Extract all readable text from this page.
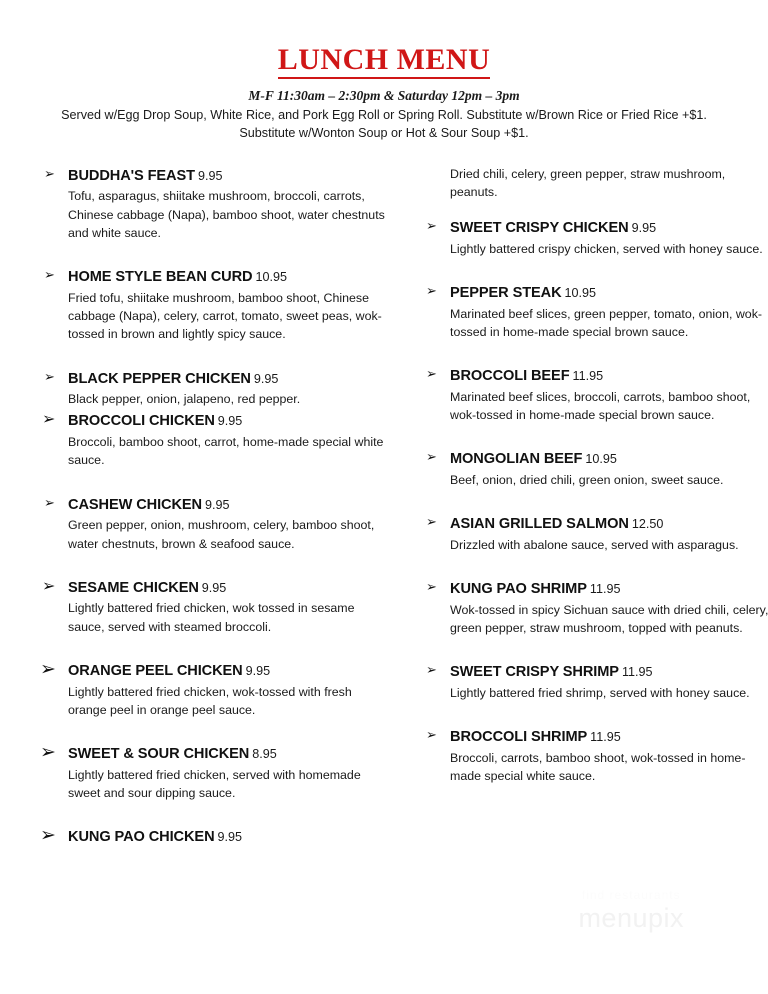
LUNCH MENU

M-F 11:30am – 2:30pm & Saturday 12pm – 3pm

Served w/Egg Drop Soup, White Rice, and Pork Egg Roll or Spring Roll. Substitute w/Brown Rice or Fried Rice +$1.

Substitute w/Wonton Soup or Hot & Sour Soup +$1.

➢ BUDDHA'S FEAST 9.95

Tofu, asparagus, shiitake mushroom, broccoli, carrots, Chinese cabbage (Napa), bamboo shoot, water chestnuts and white sauce.

➢ HOME STYLE BEAN CURD 10.95

Fried tofu, shiitake mushroom, bamboo shoot, Chinese cabbage (Napa), celery, carrot, tomato, sweet peas, wok-tossed in brown and lightly spicy sauce.

➢ BLACK PEPPER CHICKEN 9.95

Black pepper, onion, jalapeno, red pepper.

➢ BROCCOLI CHICKEN 9.95

Broccoli, bamboo shoot, carrot, home-made special white sauce.

➢ CASHEW CHICKEN 9.95

Green pepper, onion, mushroom, celery, bamboo shoot, water chestnuts, brown & seafood sauce.

➢ SESAME CHICKEN 9.95

Lightly battered fried chicken, wok tossed in sesame sauce, served with steamed broccoli.

➢ ORANGE PEEL CHICKEN 9.95

Lightly battered fried chicken, wok-tossed with fresh orange peel in orange peel sauce.

➢ SWEET & SOUR CHICKEN 8.95

Lightly battered fried chicken, served with homemade sweet and sour dipping sauce.

➢ KUNG PAO CHICKEN 9.95

Dried chili, celery, green pepper, straw mushroom, peanuts.

➢ SWEET CRISPY CHICKEN 9.95

Lightly battered crispy chicken, served with honey sauce.

➢ PEPPER STEAK 10.95

Marinated beef slices, green pepper, tomato, onion, wok-tossed in home-made special brown sauce.

➢ BROCCOLI BEEF 11.95

Marinated beef slices, broccoli, carrots, bamboo shoot, wok-tossed in home-made special brown sauce.

➢ MONGOLIAN BEEF 10.95

Beef, onion, dried chili, green onion, sweet sauce.

➢ ASIAN GRILLED SALMON 12.50

Drizzled with abalone sauce, served with asparagus.

➢ KUNG PAO SHRIMP 11.95

Wok-tossed in spicy Sichuan sauce with dried chili, celery, green pepper, straw mushroom, topped with peanuts.

➢ SWEET CRISPY SHRIMP 11.95

Lightly battered fried shrimp, served with honey sauce.

➢ BROCCOLI SHRIMP 11.95

Broccoli, carrots, bamboo shoot, wok-tossed in home-made special white sauce.

find restaurants
menupix
